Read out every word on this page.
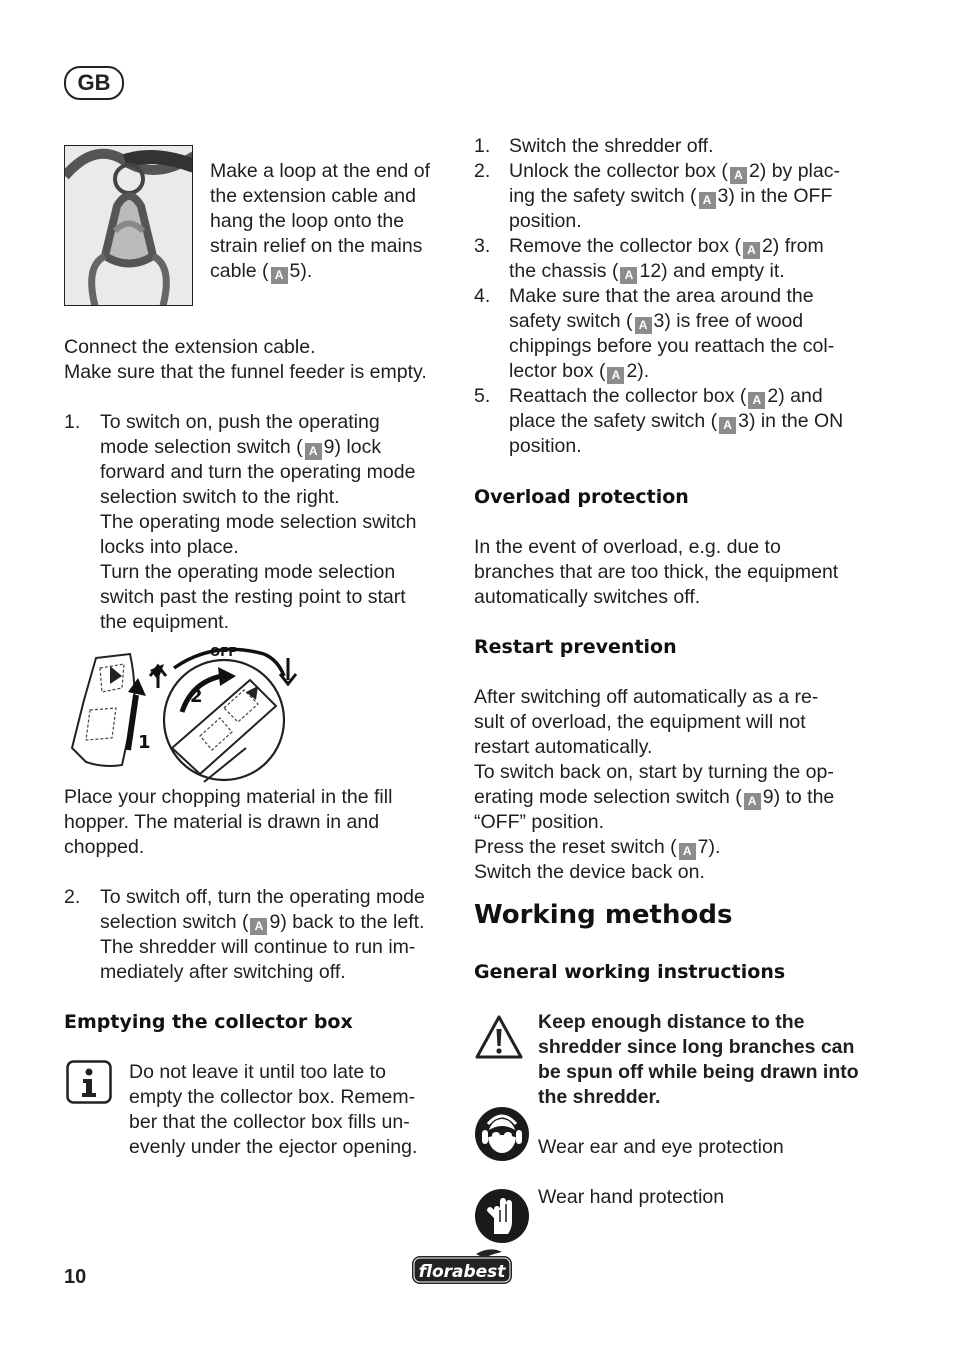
GB
Make a loop at the end of
the extension cable and
hang the loop onto the
strain relief on the mains
cable ( A 5).
Connect the extension cable.
Make sure that the funnel feeder is empty.
1. To switch on, push the operating
mode selection switch ( A 9) lock
forward and turn the operating mode
selection switch to the right.
The operating mode selection switch
locks into place.
Turn the operating mode selection
switch past the resting point to start
the equipment.
OFF
1
2
Place your chopping material in the fill
hopper. The material is drawn in and
chopped.
2. To switch off, turn the operating mode
selection switch ( A 9) back to the left.
The shredder will continue to run im-
mediately after switching off.
Emptying the collector box
Do not leave it until too late to
empty the collector box. Remem-
ber that the collector box fills un-
evenly under the ejector opening.
1. Switch the shredder off.
2. Unlock the collector box ( A 2) by plac-
ing the safety switch ( A 3) in the OFF
position.
3. Remove the collector box ( A 2) from
the chassis ( A 12) and empty it.
4. Make sure that the area around the
safety switch ( A 3) is free of wood
chippings before you reattach the col-
lector box ( A 2).
5. Reattach the collector box ( A 2) and
place the safety switch ( A 3) in the ON
position.
Overload protection
In the event of overload, e.g. due to
branches that are too thick, the equipment
automatically switches off.
Restart prevention
After switching off automatically as a re-
sult of overload, the equipment will not
restart automatically.
To switch back on, start by turning the op-
erating mode selection switch ( A 9) to the
“OFF” position.
Press the reset switch ( A 7).
Switch the device back on.
Working methods
General working instructions
Keep enough distance to the
shredder since long branches can
be spun off while being drawn into
the shredder.
Wear ear and eye protection
Wear hand protection
10	florabest
